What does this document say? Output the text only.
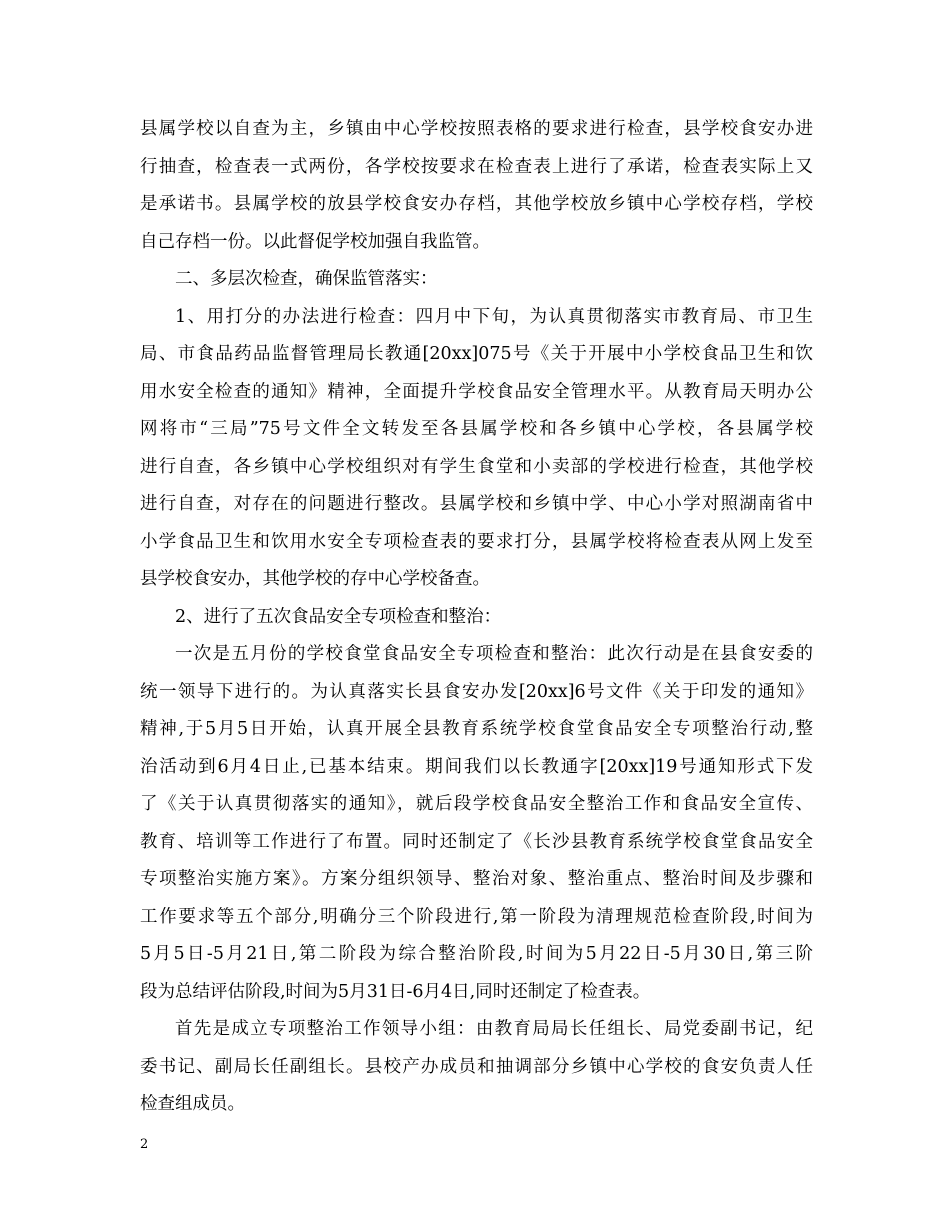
县属学校以自查为主，乡镇由中心学校按照表格的要求进行检查，县学校食安办进
行抽查，检查表一式两份，各学校按要求在检查表上进行了承诺，检查表实际上又
是承诺书。县属学校的放县学校食安办存档，其他学校放乡镇中心学校存档，学校
自己存档一份。以此督促学校加强自我监管。
二、多层次检查，确保监管落实：
1、用打分的办法进行检查：四月中下旬，为认真贯彻落实市教育局、市卫生
局、市食品药品监督管理局长教通[20xx]075号《关于开展中小学校食品卫生和饮
用水安全检查的通知》精神，全面提升学校食品安全管理水平。从教育局天明办公
网将市“三局”75号文件全文转发至各县属学校和各乡镇中心学校，各县属学校
进行自查，各乡镇中心学校组织对有学生食堂和小卖部的学校进行检查，其他学校
进行自查，对存在的问题进行整改。县属学校和乡镇中学、中心小学对照湖南省中
小学食品卫生和饮用水安全专项检查表的要求打分，县属学校将检查表从网上发至
县学校食安办，其他学校的存中心学校备查。
2、进行了五次食品安全专项检查和整治：
一次是五月份的学校食堂食品安全专项检查和整治：此次行动是在县食安委的
统一领导下进行的。为认真落实长县食安办发[20xx]6号文件《关于印发的通知》
精神,于5月5日开始，认真开展全县教育系统学校食堂食品安全专项整治行动,整
治活动到6月4日止,已基本结束。期间我们以长教通字[20xx]19号通知形式下发
了《关于认真贯彻落实的通知》，就后段学校食品安全整治工作和食品安全宣传、
教育、培训等工作进行了布置。同时还制定了《长沙县教育系统学校食堂食品安全
专项整治实施方案》。方案分组织领导、整治对象、整治重点、整治时间及步骤和
工作要求等五个部分,明确分三个阶段进行,第一阶段为清理规范检查阶段,时间为
5月5日-5月21日,第二阶段为综合整治阶段,时间为5月22日-5月30日,第三阶
段为总结评估阶段,时间为5月31日-6月4日,同时还制定了检查表。
首先是成立专项整治工作领导小组：由教育局局长任组长、局党委副书记，纪
委书记、副局长任副组长。县校产办成员和抽调部分乡镇中心学校的食安负责人任
检查组成员。
2
